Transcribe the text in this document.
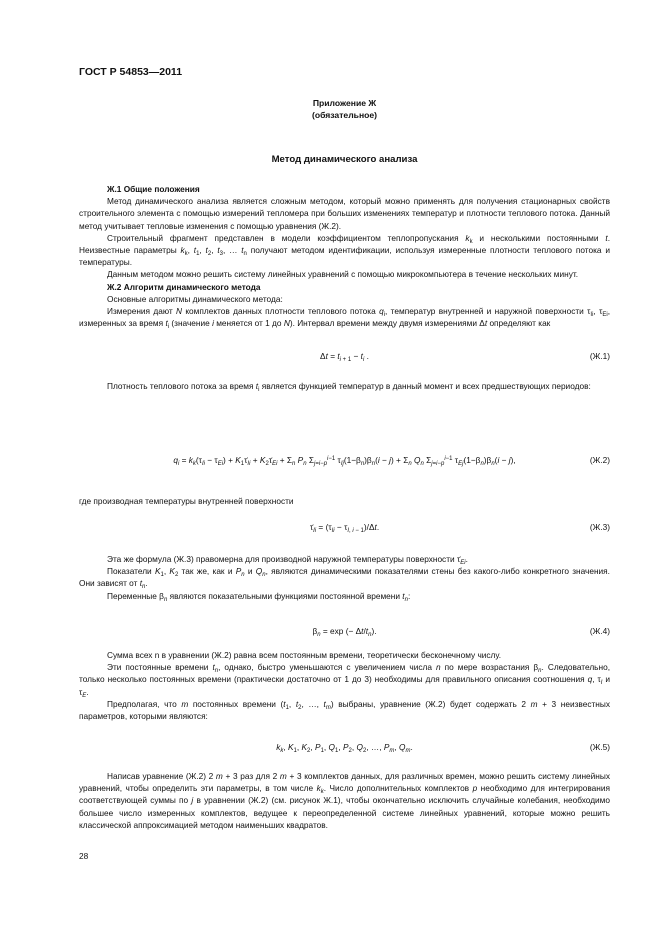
ГОСТ Р 54853—2011
Приложение Ж
(обязательное)
Метод динамического анализа

Ж.1 Общие положения

Метод динамического анализа является сложным методом, который можно применять для получения стационарных свойств строительного элемента с помощью измерений тепломера при больших изменениях температур и плотности теплового потока. Данный метод учитывает тепловые изменения с помощью уравнения (Ж.2).

Строительный фрагмент представлен в модели коэффициентом теплопропускания $k_k$ и несколькими постоянными t. Неизвестные параметры $k_k$, $t_1$, $t_2$, $t_3$, … $t_n$ получают методом идентификации, используя измеренные плотности теплового потока и температуры.

Данным методом можно решить систему линейных уравнений с помощью микрокомпьютера в течение нескольких минут.

Ж.2 Алгоритм динамического метода

Основные алгоритмы динамического метода:

Измерения дают N комплектов данных плотности теплового потока $q_i$, температур внутренней и наружной поверхности $\tau_{Ii}$, $\tau_{Ei}$, измеренных за время $t_i$ (значение i меняется от 1 до N). Интервал времени между двумя измерениями Δt определяют как

$\Delta t = t_{i + 1} - t_i$ .	(Ж.1)

Плотность теплового потока за время $t_i$ является функцией температур в данный момент и всех предшествующих периодов:

$q_i = k_k(\tau_{Ii} - \tau_{Ei})$ + $K_1\tau̇_{Ii}$ + $K_2\tau̇_{Ei} + \Sigma_n$ $P_n$ $\Sigma_{j=i-p}^{i-1}$ $\tau_{Ij}(1-\beta_n)\beta_n(i - j) + \Sigma_n$ $Q_n$ $\Sigma_{j=i-p}^{i-1}$ $\tau_{Ej}(1-\beta_n)\beta_n(i - j)$,	(Ж.2)

где производная температуры внутренней поверхности

$\tau̇_{Ii} = (\tau_{Ii} - \tau_{I, i - 1})/\Delta t$.	(Ж.3)

Эта же формула (Ж.3) правомерна для производной наружной температуры поверхности $\tau̇_{Ei}$.

Показатели $K_1$, $K_2$ так же, как и $P_n$ и $Q_n$, являются динамическими показателями стены без какого-либо конкретного значения. Они зависят от $t_n$.

Переменные $\beta_n$ являются показательными функциями постоянной времени $t_n$:

$\beta_n = \exp$ (− $\Delta t/t_n$).	(Ж.4)

Сумма всех n в уравнении (Ж.2) равна всем постоянным времени, теоретически бесконечному числу.

Эти постоянные времени $t_n$, однако, быстро уменьшаются с увеличением числа n по мере возрастания $\beta_n$. Следовательно, только несколько постоянных времени (практически достаточно от 1 до 3) необходимы для правильного описания соотношения q, $\tau_I$ и $\tau_E$.

Предполагая, что m постоянных времени ($t_1$, $t_2$, …, $t_m$) выбраны, уравнение (Ж.2) будет содержать 2 m + 3 неизвестных параметров, которыми являются:

$k_k$, $K_1$, $K_2$, $P_1$, $Q_1$, $P_2$, $Q_2$, …, $P_m$, $Q_m$.	(Ж.5)

Написав уравнение (Ж.2) 2 m + 3 раз для 2 m + 3 комплектов данных, для различных времен, можно решить систему линейных уравнений, чтобы определить эти параметры, в том числе $k_k$. Число дополнительных комплектов p необходимо для интегрирования соответствующей суммы по j в уравнении (Ж.2) (см. рисунок Ж.1), чтобы окончательно исключить случайные колебания, необходимо большее число измеренных комплектов, ведущее к переопределенной системе линейных уравнений, которые можно решить классической аппроксимацией методом наименьших квадратов.

28
